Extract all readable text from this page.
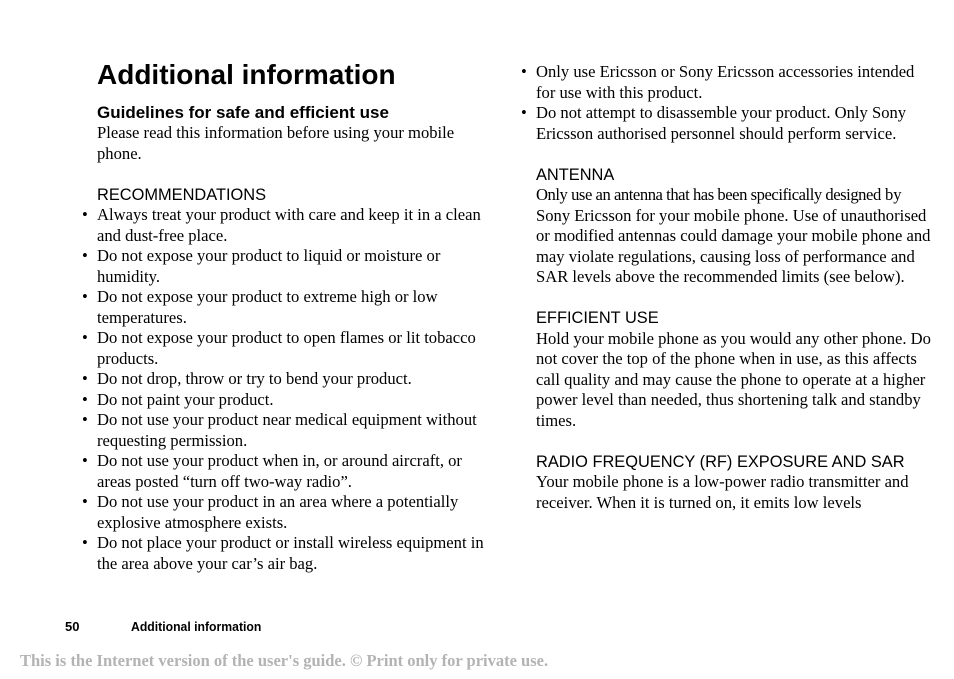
Additional information
Guidelines for safe and efficient use

Please read this information before using your mobile phone.

RECOMMENDATIONS
• Always treat your product with care and keep it in a clean and dust-free place.
• Do not expose your product to liquid or moisture or humidity.
• Do not expose your product to extreme high or low temperatures.
• Do not expose your product to open flames or lit tobacco products.
• Do not drop, throw or try to bend your product.
• Do not paint your product.
• Do not use your product near medical equipment without requesting permission.
• Do not use your product when in, or around aircraft, or areas posted “turn off two-way radio”.
• Do not use your product in an area where a potentially explosive atmosphere exists.
• Do not place your product or install wireless equipment in the area above your car’s air bag.
• Only use Ericsson or Sony Ericsson accessories intended for use with this product.
• Do not attempt to disassemble your product. Only Sony Ericsson authorised personnel should perform service.
ANTENNA

Only use an antenna that has been specifically designed by Sony Ericsson for your mobile phone. Use of unauthorised or modified antennas could damage your mobile phone and may violate regulations, causing loss of performance and SAR levels above the recommended limits (see below).

EFFICIENT USE

Hold your mobile phone as you would any other phone. Do not cover the top of the phone when in use, as this affects call quality and may cause the phone to operate at a higher power level than needed, thus shortening talk and standby times.

RADIO FREQUENCY (RF) EXPOSURE AND SAR

Your mobile phone is a low-power radio transmitter and receiver. When it is turned on, it emits low levels

50	Additional information
This is the Internet version of the user's guide. © Print only for private use.
